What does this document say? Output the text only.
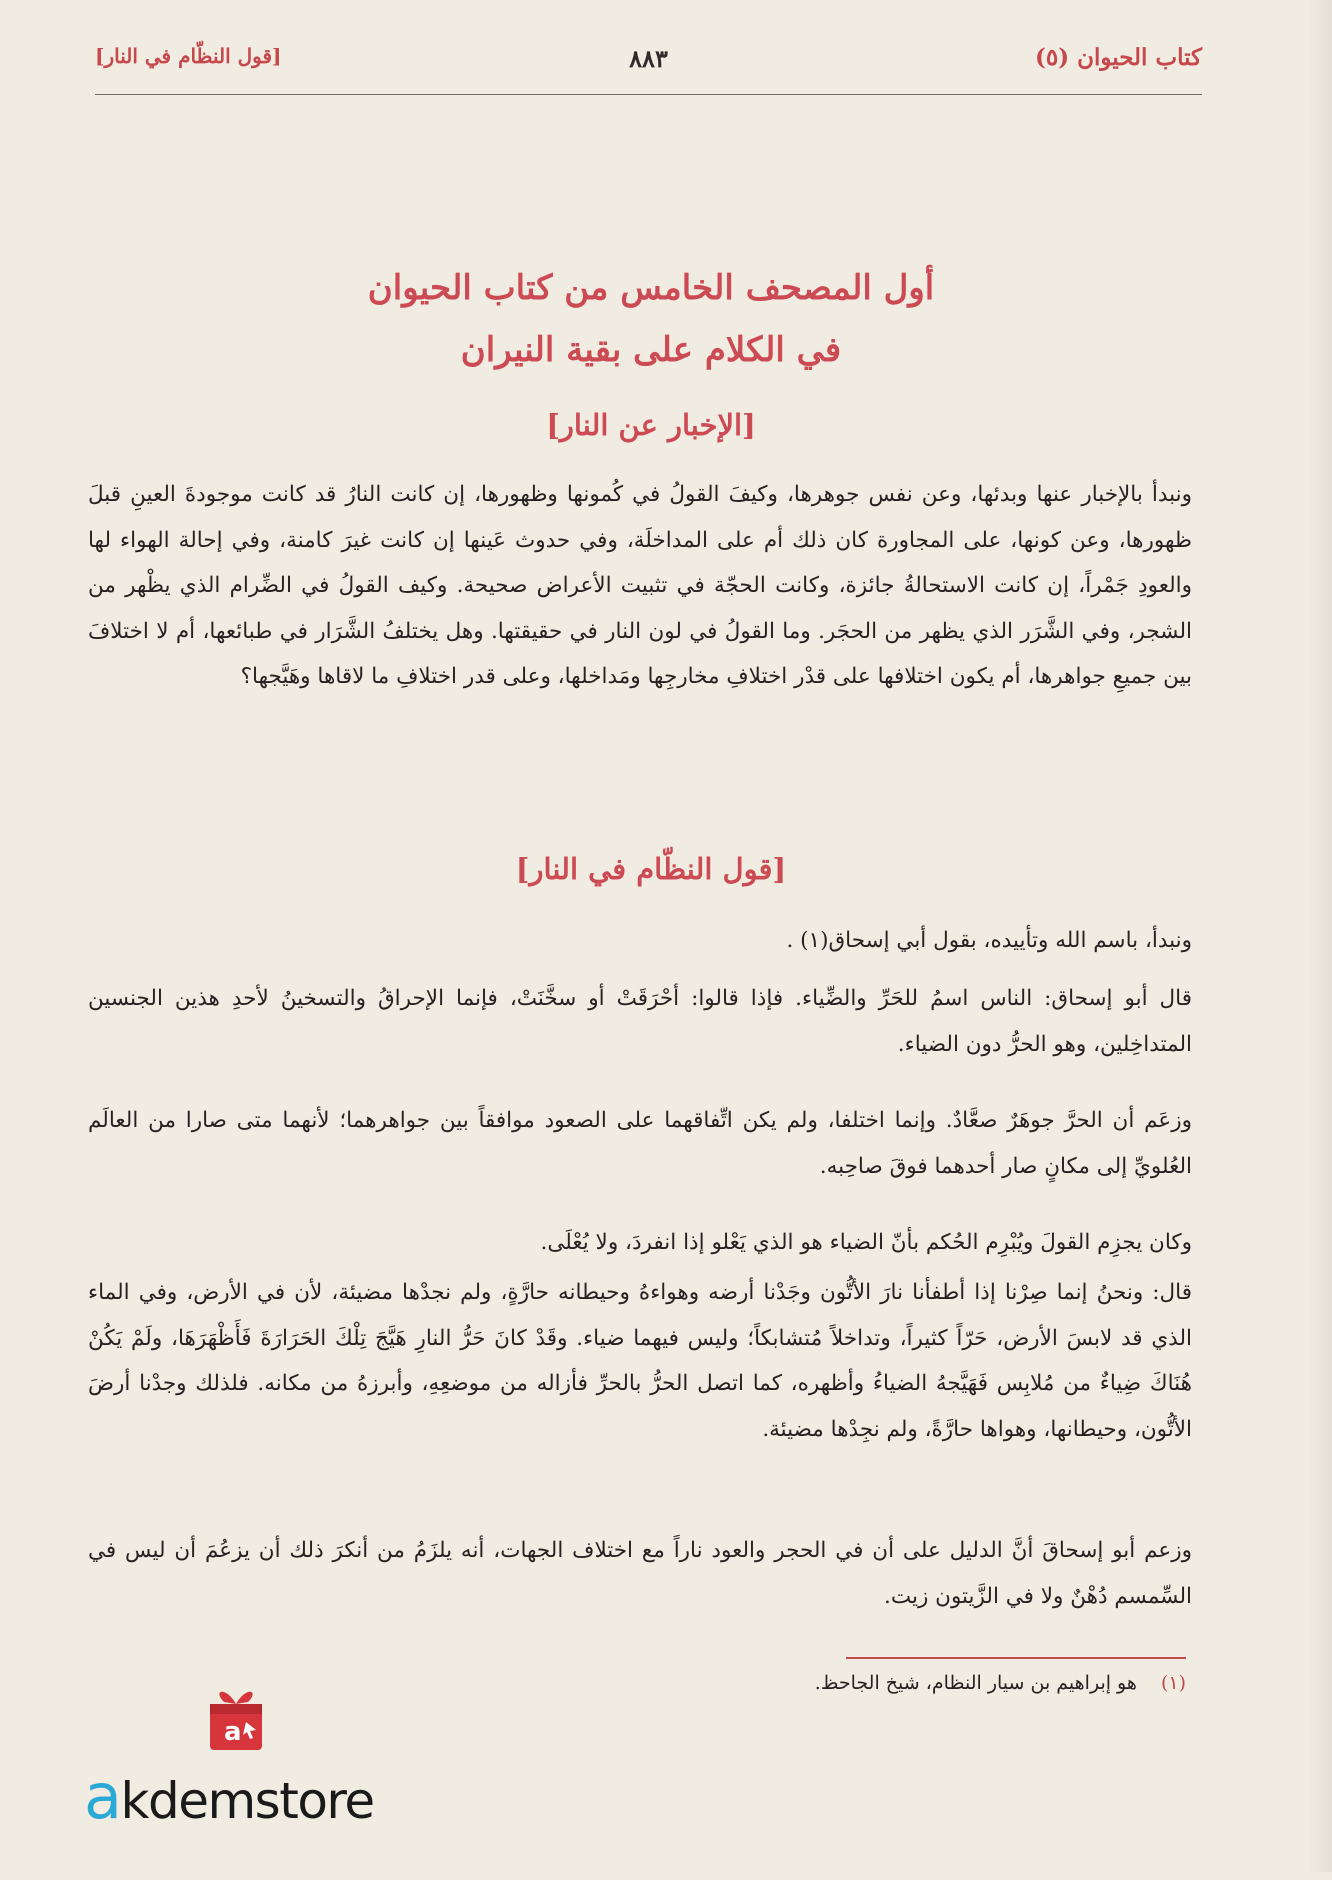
كتاب الحيوان (٥)
٨٨٣
[قول النظّام في النار]
أول المصحف الخامس من كتاب الحيوان
في الكلام على بقية النيران
[الإخبار عن النار]

ونبدأ بالإخبار عنها وبدئها، وعن نفس جوهرها، وكيفَ القولُ في كُمونها وظهورها، إن كانت النارُ قد كانت موجودةَ العينِ قبلَ ظهورها، وعن كونها، على المجاورة كان ذلك أم على المداخلَة، وفي حدوث عَينها إن كانت غيرَ كامنة، وفي إحالة الهواء لها والعودِ جَمْراً، إن كانت الاستحالةُ جائزة، وكانت الحجّة في تثبيت الأعراض صحيحة. وكيف القولُ في الضِّرام الذي يظْهر من الشجر، وفي الشَّرَر الذي يظهر من الحجَر. وما القولُ في لون النار في حقيقتها. وهل يختلفُ الشَّرَار في طبائعها، أم لا اختلافَ بين جميعِ جواهرها، أم يكون اختلافها على قدْر اختلافِ مخارجِها ومَداخلها، وعلى قدر اختلافِ ما لاقاها وهَيَّجها؟

[قول النظّام في النار]

ونبدأ، باسم الله وتأييده، بقول أبي إسحاق(١) .

قال أبو إسحاق: الناس اسمُ للحَرِّ والضِّياء. فإذا قالوا: أحْرَقَتْ أو سخَّنَتْ، فإنما الإحراقُ والتسخينُ لأحدِ هذين الجنسين المتداخِلين، وهو الحرُّ دون الضياء.

وزعَم أن الحرَّ جوهَرٌ صعَّادٌ. وإنما اختلفا، ولم يكن اتِّفاقهما على الصعود موافقاً بين جواهرهما؛ لأنهما متى صارا من العالَم العُلويِّ إلى مكانٍ صار أحدهما فوقَ صاحِبه.

وكان يجزِم القولَ ويُبْرِم الحُكم بأنّ الضياء هو الذي يَعْلو إذا انفردَ، ولا يُعْلَى.

قال: ونحنُ إنما صِرْنا إذا أطفأنا نارَ الأتُّون وجَدْنا أرضه وهواءهُ وحيطانه حارَّةٍ، ولم نجدْها مضيئة، لأن في الأرض، وفي الماء الذي قد لابسَ الأرض، حَرّاً كثيراً، وتداخلاً مُتشابكاً؛ وليس فيهما ضياء. وقَدْ كانَ حَرُّ النارِ هَيَّجَ تِلْكَ الحَرَارَةَ فَأَظْهَرَهَا، ولَمْ يَكُنْ هُنَاكَ ضِياءٌ من مُلابِس فَهَيَّجهُ الضياءُ وأظهره، كما اتصل الحرُّ بالحرِّ فأزاله من موضعِهِ، وأبرزهُ من مكانه. فلذلك وجدْنا أرضَ الأتُّون، وحيطانها، وهواها حارَّةً، ولم نجِدْها مضيئة.

وزعم أبو إسحاقَ أنَّ الدليل على أن في الحجر والعود ناراً مع اختلاف الجهات، أنه يلزَمُ من أنكرَ ذلك أن يزعُمَ أن ليس في السِّمسم دُهْنٌ ولا في الزَّيتون زيت.

(١) هو إبراهيم بن سيار النظام، شيخ الجاحظ.
a
akdemstore
